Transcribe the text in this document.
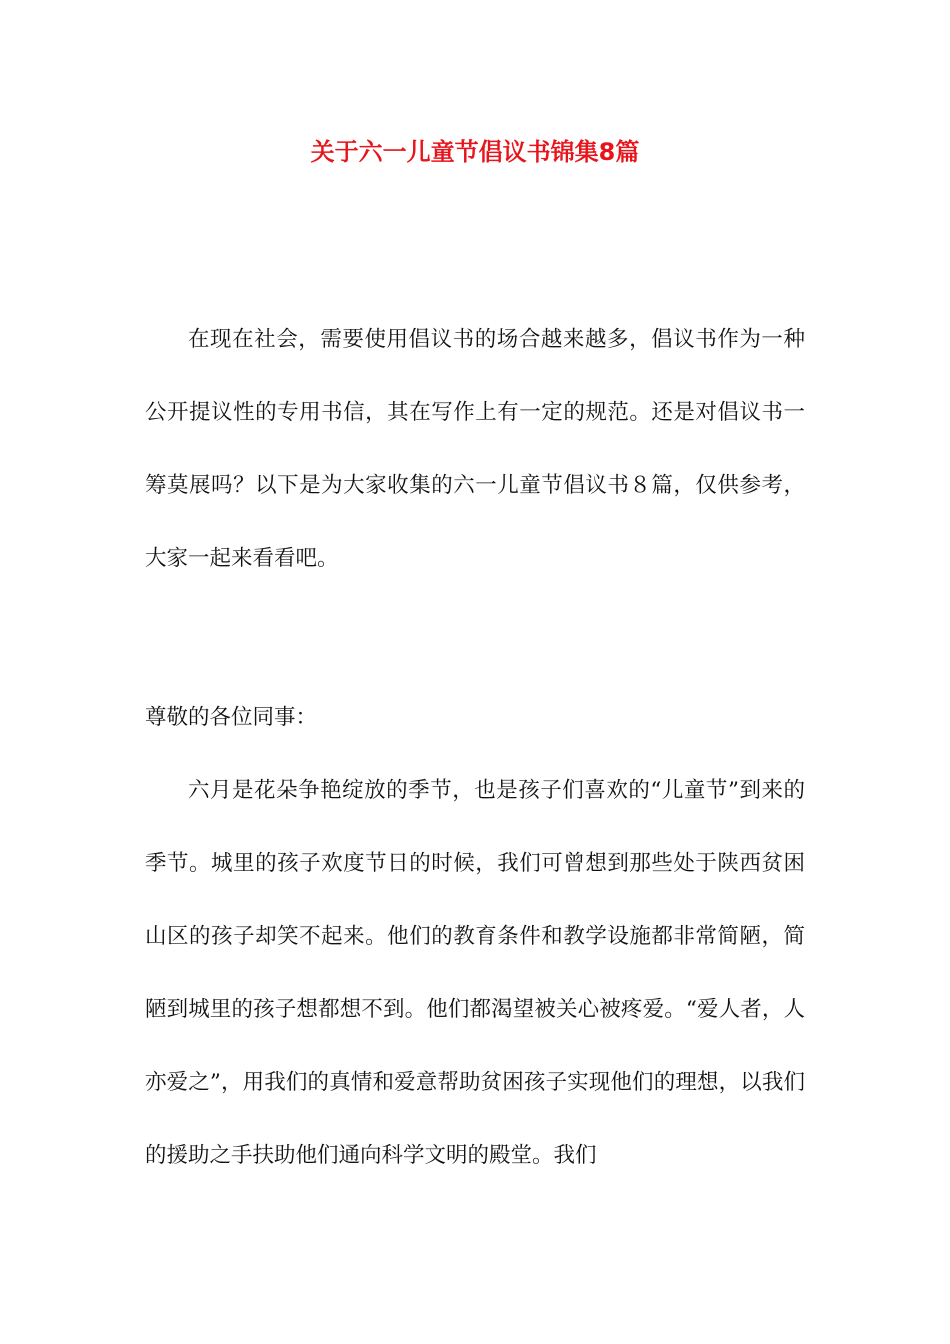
关于六一儿童节倡议书锦集8篇

在现在社会，需要使用倡议书的场合越来越多，倡议书作为一种公开提议性的专用书信，其在写作上有一定的规范。还是对倡议书一筹莫展吗？以下是为大家收集的六一儿童节倡议书８篇，仅供参考，大家一起来看看吧。

尊敬的各位同事：

六月是花朵争艳绽放的季节，也是孩子们喜欢的“儿童节”到来的季节。城里的孩子欢度节日的时候，我们可曾想到那些处于陕西贫困山区的孩子却笑不起来。他们的教育条件和教学设施都非常简陋，简陋到城里的孩子想都想不到。他们都渴望被关心被疼爱。“爱人者，人亦爱之”，用我们的真情和爱意帮助贫困孩子实现他们的理想，以我们的援助之手扶助他们通向科学文明的殿堂。我们
